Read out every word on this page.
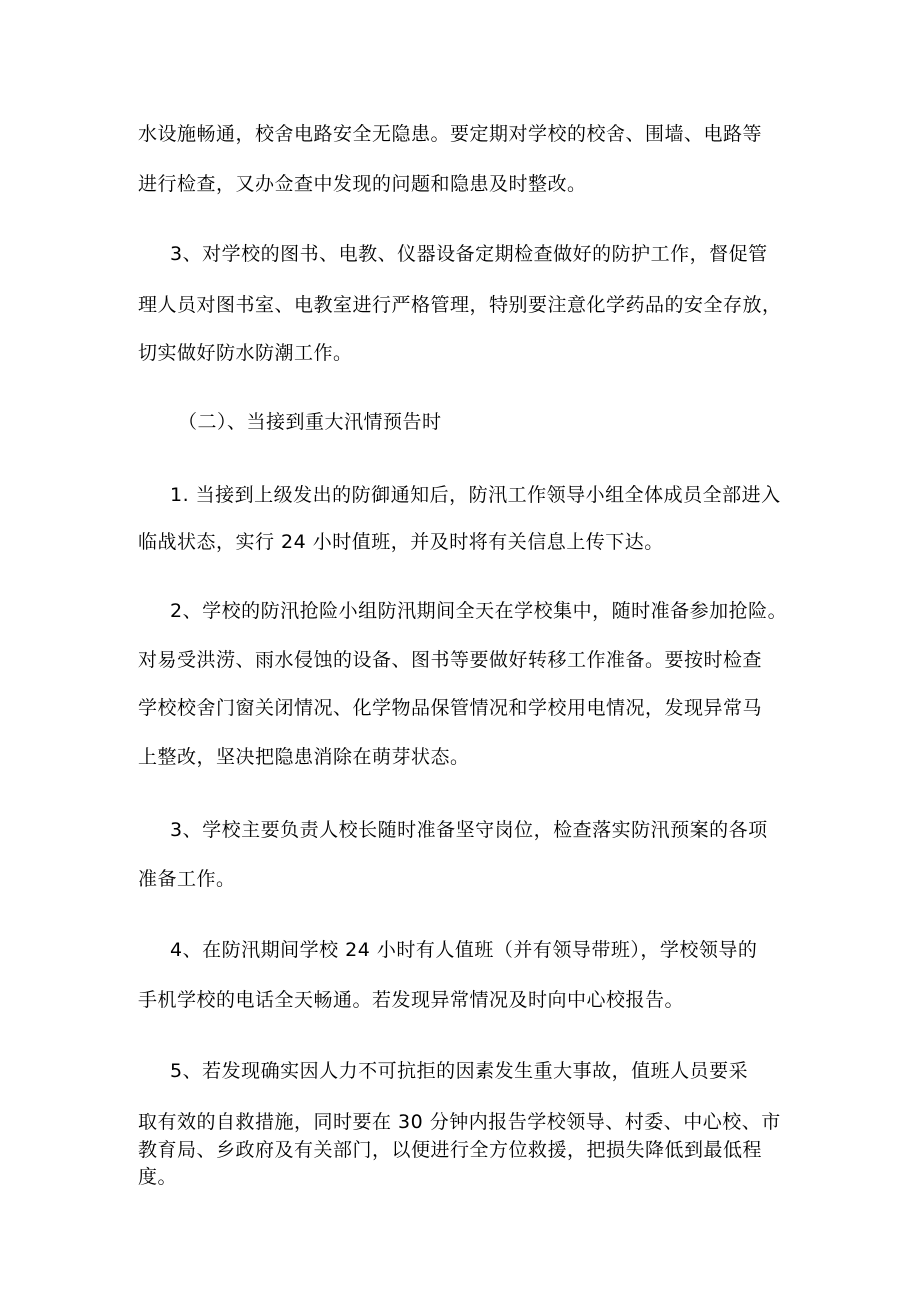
水设施畅通，校舍电路安全无隐患。要定期对学校的校舍、围墙、电路等
进行检查，又办佥查中发现的问题和隐患及时整改。
3、对学校的图书、电教、仪器设备定期检查做好的防护工作，督促管
理人员对图书室、电教室进行严格管理，特别要注意化学药品的安全存放，
切实做好防水防潮工作。
（二）、当接到重大汛情预告时
1. 当接到上级发出的防御通知后，防汛工作领导小组全体成员全部进入
临战状态，实行 24 小时值班，并及时将有关信息上传下达。
2、学校的防汛抢险小组防汛期间全天在学校集中，随时准备参加抢险。
对易受洪涝、雨水侵蚀的设备、图书等要做好转移工作准备。要按时检查
学校校舍门窗关闭情况、化学物品保管情况和学校用电情况，发现异常马
上整改，坚决把隐患消除在萌芽状态。
3、学校主要负责人校长随时准备坚守岗位，检查落实防汛预案的各项
准备工作。
4、在防汛期间学校 24 小时有人值班（并有领导带班），学校领导的
手机学校的电话全天畅通。若发现异常情况及时向中心校报告。
5、若发现确实因人力不可抗拒的因素发生重大事故，值班人员要采
取有效的自救措施，同时要在 30 分钟内报告学校领导、村委、中心校、市
教育局、乡政府及有关部门，以便进行全方位救援，把损失降低到最低程
度。
